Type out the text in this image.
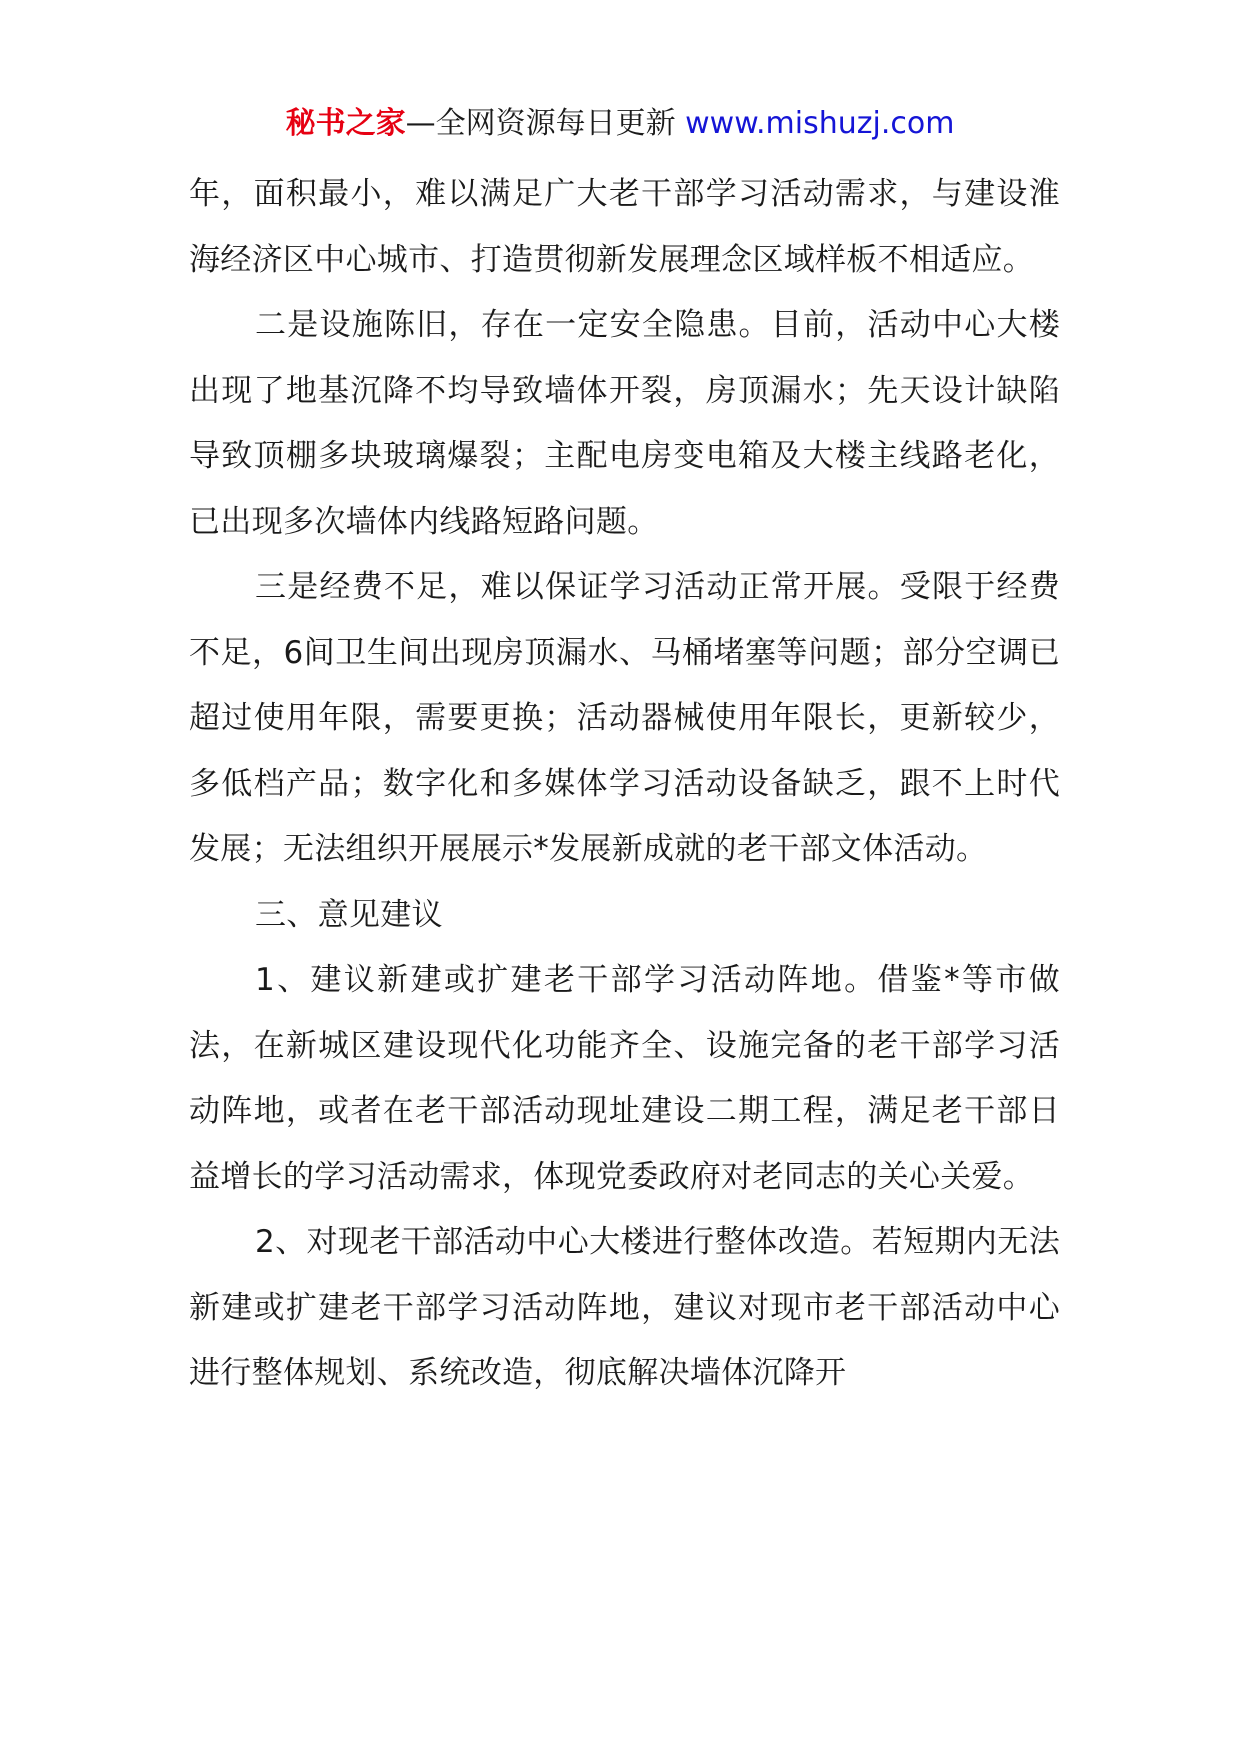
秘书之家—全网资源每日更新 www.mishuzj.com

年，面积最小，难以满足广大老干部学习活动需求，与建设淮海经济区中心城市、打造贯彻新发展理念区域样板不相适应。

二是设施陈旧，存在一定安全隐患。目前，活动中心大楼出现了地基沉降不均导致墙体开裂，房顶漏水；先天设计缺陷导致顶棚多块玻璃爆裂；主配电房变电箱及大楼主线路老化，已出现多次墙体内线路短路问题。

三是经费不足，难以保证学习活动正常开展。受限于经费不足，6间卫生间出现房顶漏水、马桶堵塞等问题；部分空调已超过使用年限，需要更换；活动器械使用年限长，更新较少，多低档产品；数字化和多媒体学习活动设备缺乏，跟不上时代发展；无法组织开展展示*发展新成就的老干部文体活动。

三、意见建议

1、建议新建或扩建老干部学习活动阵地。借鉴*等市做法，在新城区建设现代化功能齐全、设施完备的老干部学习活动阵地，或者在老干部活动现址建设二期工程，满足老干部日益增长的学习活动需求，体现党委政府对老同志的关心关爱。

2、对现老干部活动中心大楼进行整体改造。若短期内无法新建或扩建老干部学习活动阵地，建议对现市老干部活动中心进行整体规划、系统改造，彻底解决墙体沉降开
